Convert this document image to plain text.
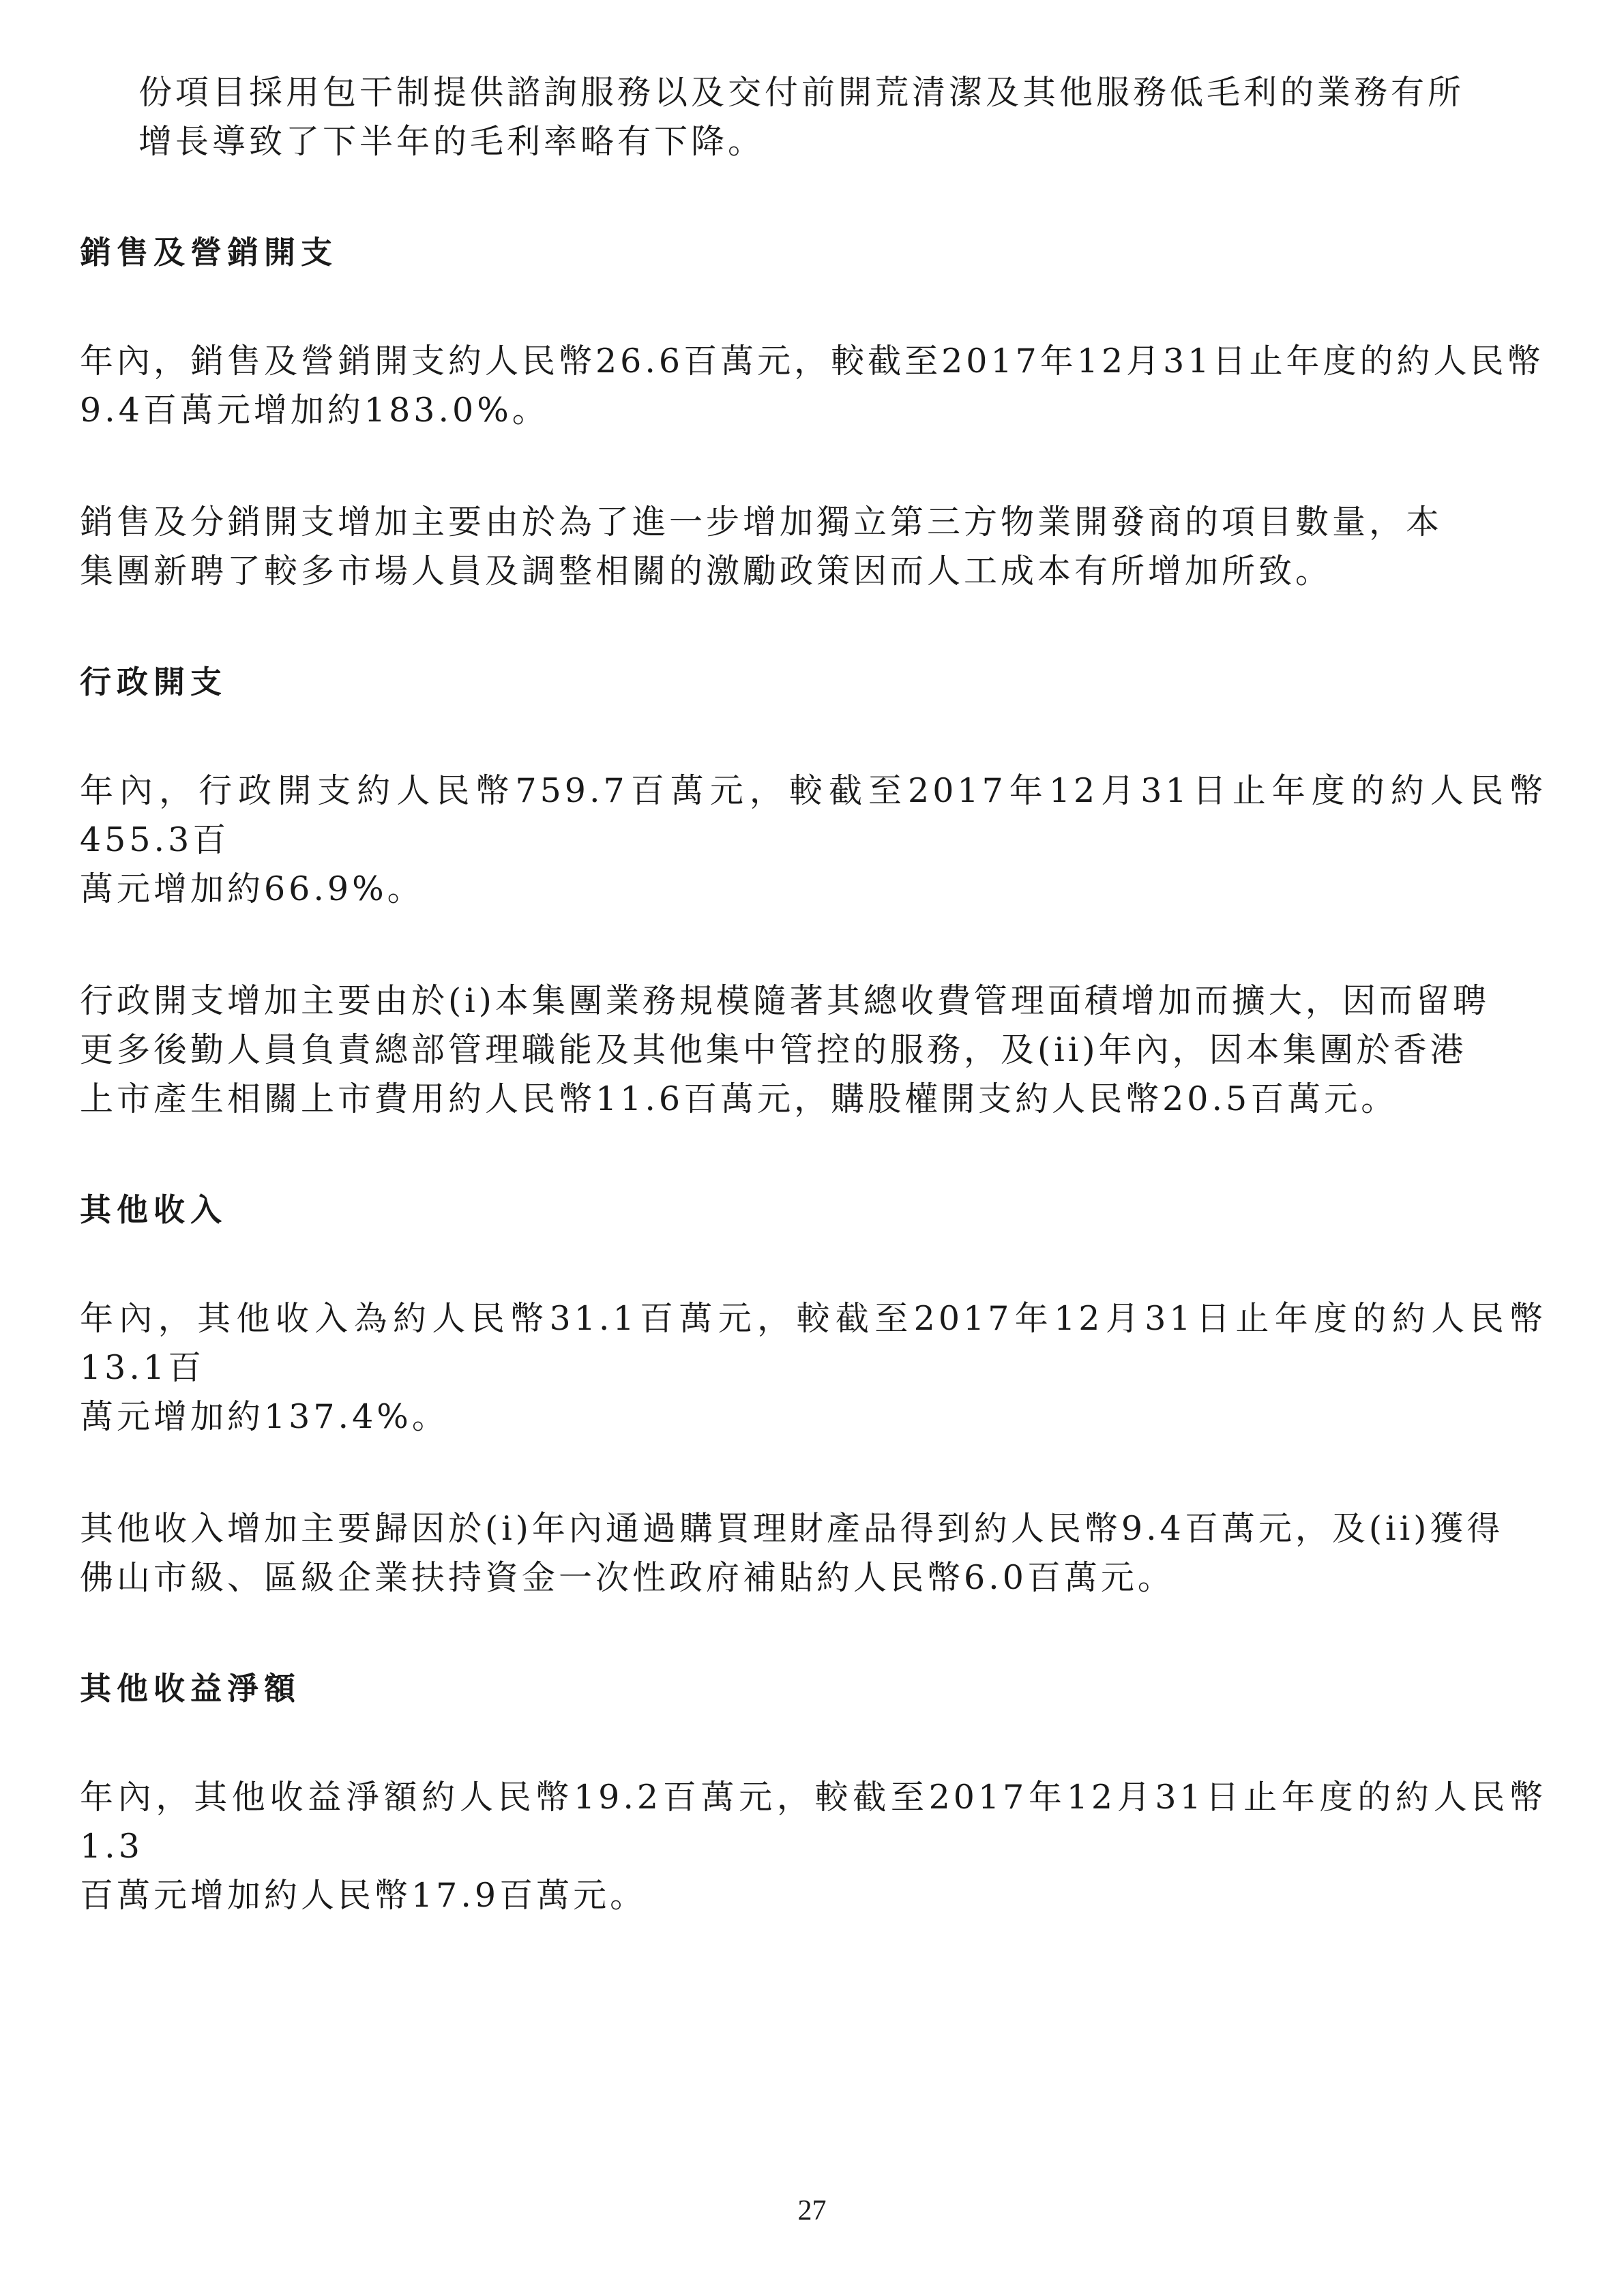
份項目採用包干制提供諮詢服務以及交付前開荒清潔及其他服務低毛利的業務有所
增長導致了下半年的毛利率略有下降。

銷售及營銷開支

年內，銷售及營銷開支約人民幣26.6百萬元，較截至2017年12月31日止年度的約人民幣
9.4百萬元增加約183.0%。

銷售及分銷開支增加主要由於為了進一步增加獨立第三方物業開發商的項目數量，本
集團新聘了較多市場人員及調整相關的激勵政策因而人工成本有所增加所致。

行政開支

年內，行政開支約人民幣759.7百萬元，較截至2017年12月31日止年度的約人民幣455.3百
萬元增加約66.9%。

行政開支增加主要由於(i)本集團業務規模隨著其總收費管理面積增加而擴大，因而留聘
更多後勤人員負責總部管理職能及其他集中管控的服務，及(ii)年內，因本集團於香港
上市產生相關上市費用約人民幣11.6百萬元，購股權開支約人民幣20.5百萬元。

其他收入

年內，其他收入為約人民幣31.1百萬元，較截至2017年12月31日止年度的約人民幣13.1百
萬元增加約137.4%。

其他收入增加主要歸因於(i)年內通過購買理財產品得到約人民幣9.4百萬元，及(ii)獲得
佛山市級、區級企業扶持資金一次性政府補貼約人民幣6.0百萬元。

其他收益淨額

年內，其他收益淨額約人民幣19.2百萬元，較截至2017年12月31日止年度的約人民幣1.3
百萬元增加約人民幣17.9百萬元。

27
